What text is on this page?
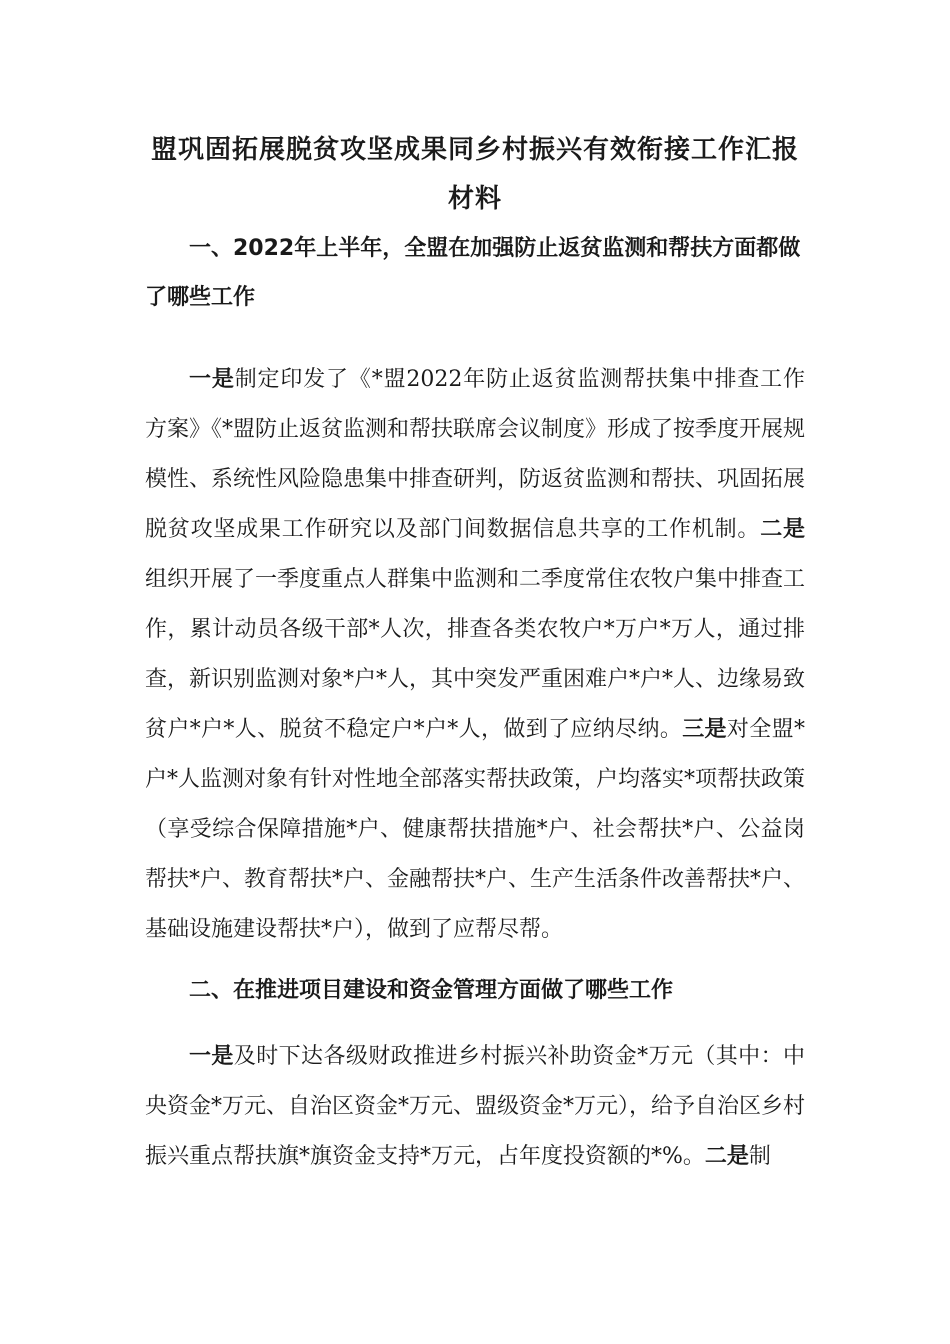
盟巩固拓展脱贫攻坚成果同乡村振兴有效衔接工作汇报材料

一、2022年上半年，全盟在加强防止返贫监测和帮扶方面都做了哪些工作

一是制定印发了《*盟2022年防止返贫监测帮扶集中排查工作方案》《*盟防止返贫监测和帮扶联席会议制度》形成了按季度开展规模性、系统性风险隐患集中排查研判，防返贫监测和帮扶、巩固拓展脱贫攻坚成果工作研究以及部门间数据信息共享的工作机制。二是组织开展了一季度重点人群集中监测和二季度常住农牧户集中排查工作，累计动员各级干部*人次，排查各类农牧户*万户*万人，通过排查，新识别监测对象*户*人，其中突发严重困难户*户*人、边缘易致贫户*户*人、脱贫不稳定户*户*人，做到了应纳尽纳。三是对全盟*户*人监测对象有针对性地全部落实帮扶政策，户均落实*项帮扶政策（享受综合保障措施*户、健康帮扶措施*户、社会帮扶*户、公益岗帮扶*户、教育帮扶*户、金融帮扶*户、生产生活条件改善帮扶*户、基础设施建设帮扶*户），做到了应帮尽帮。

二、在推进项目建设和资金管理方面做了哪些工作

一是及时下达各级财政推进乡村振兴补助资金*万元（其中：中央资金*万元、自治区资金*万元、盟级资金*万元），给予自治区乡村振兴重点帮扶旗*旗资金支持*万元，占年度投资额的*%。二是制
